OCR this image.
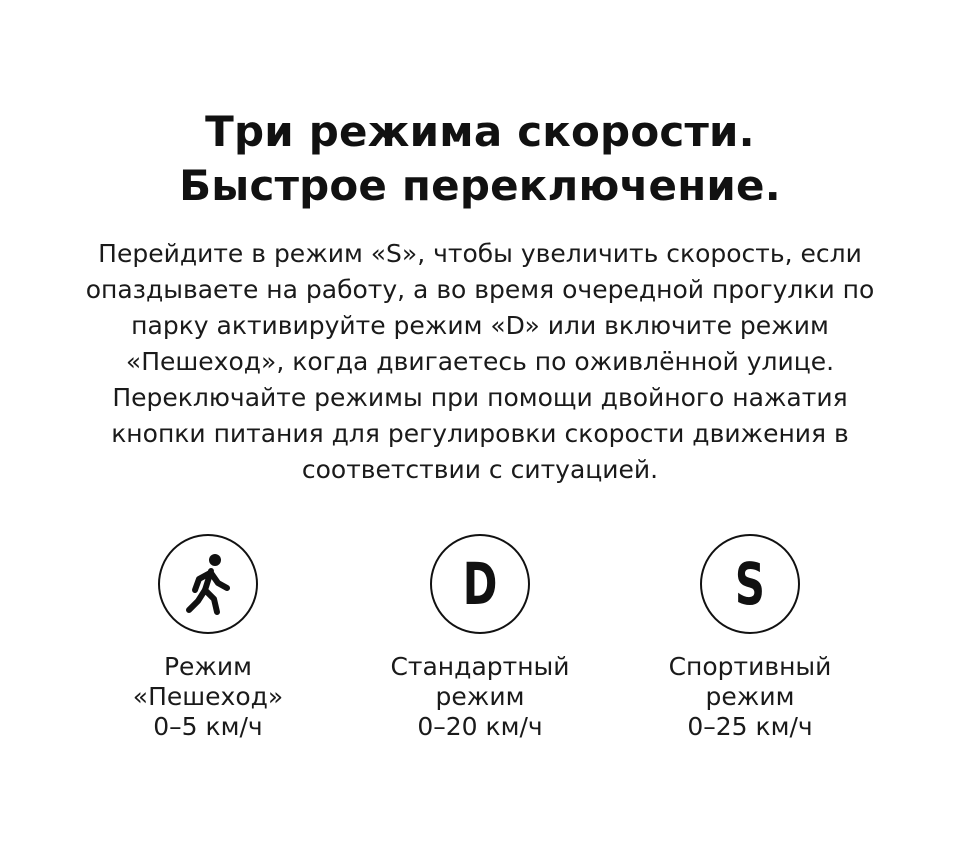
Три режима скорости.
Быстрое переключение.
Перейдите в режим «S», чтобы увеличить скорость, если
опаздываете на работу, а во время очередной прогулки по
парку активируйте режим «D» или включите режим
«Пешеход», когда двигаетесь по оживлённой улице.
Переключайте режимы при помощи двойного нажатия
кнопки питания для регулировки скорости движения в
соответствии с ситуацией.
Режим
«Пешеход»
0–5 км/ч
D
Стандартный
режим
0–20 км/ч
S
Спортивный
режим
0–25 км/ч
